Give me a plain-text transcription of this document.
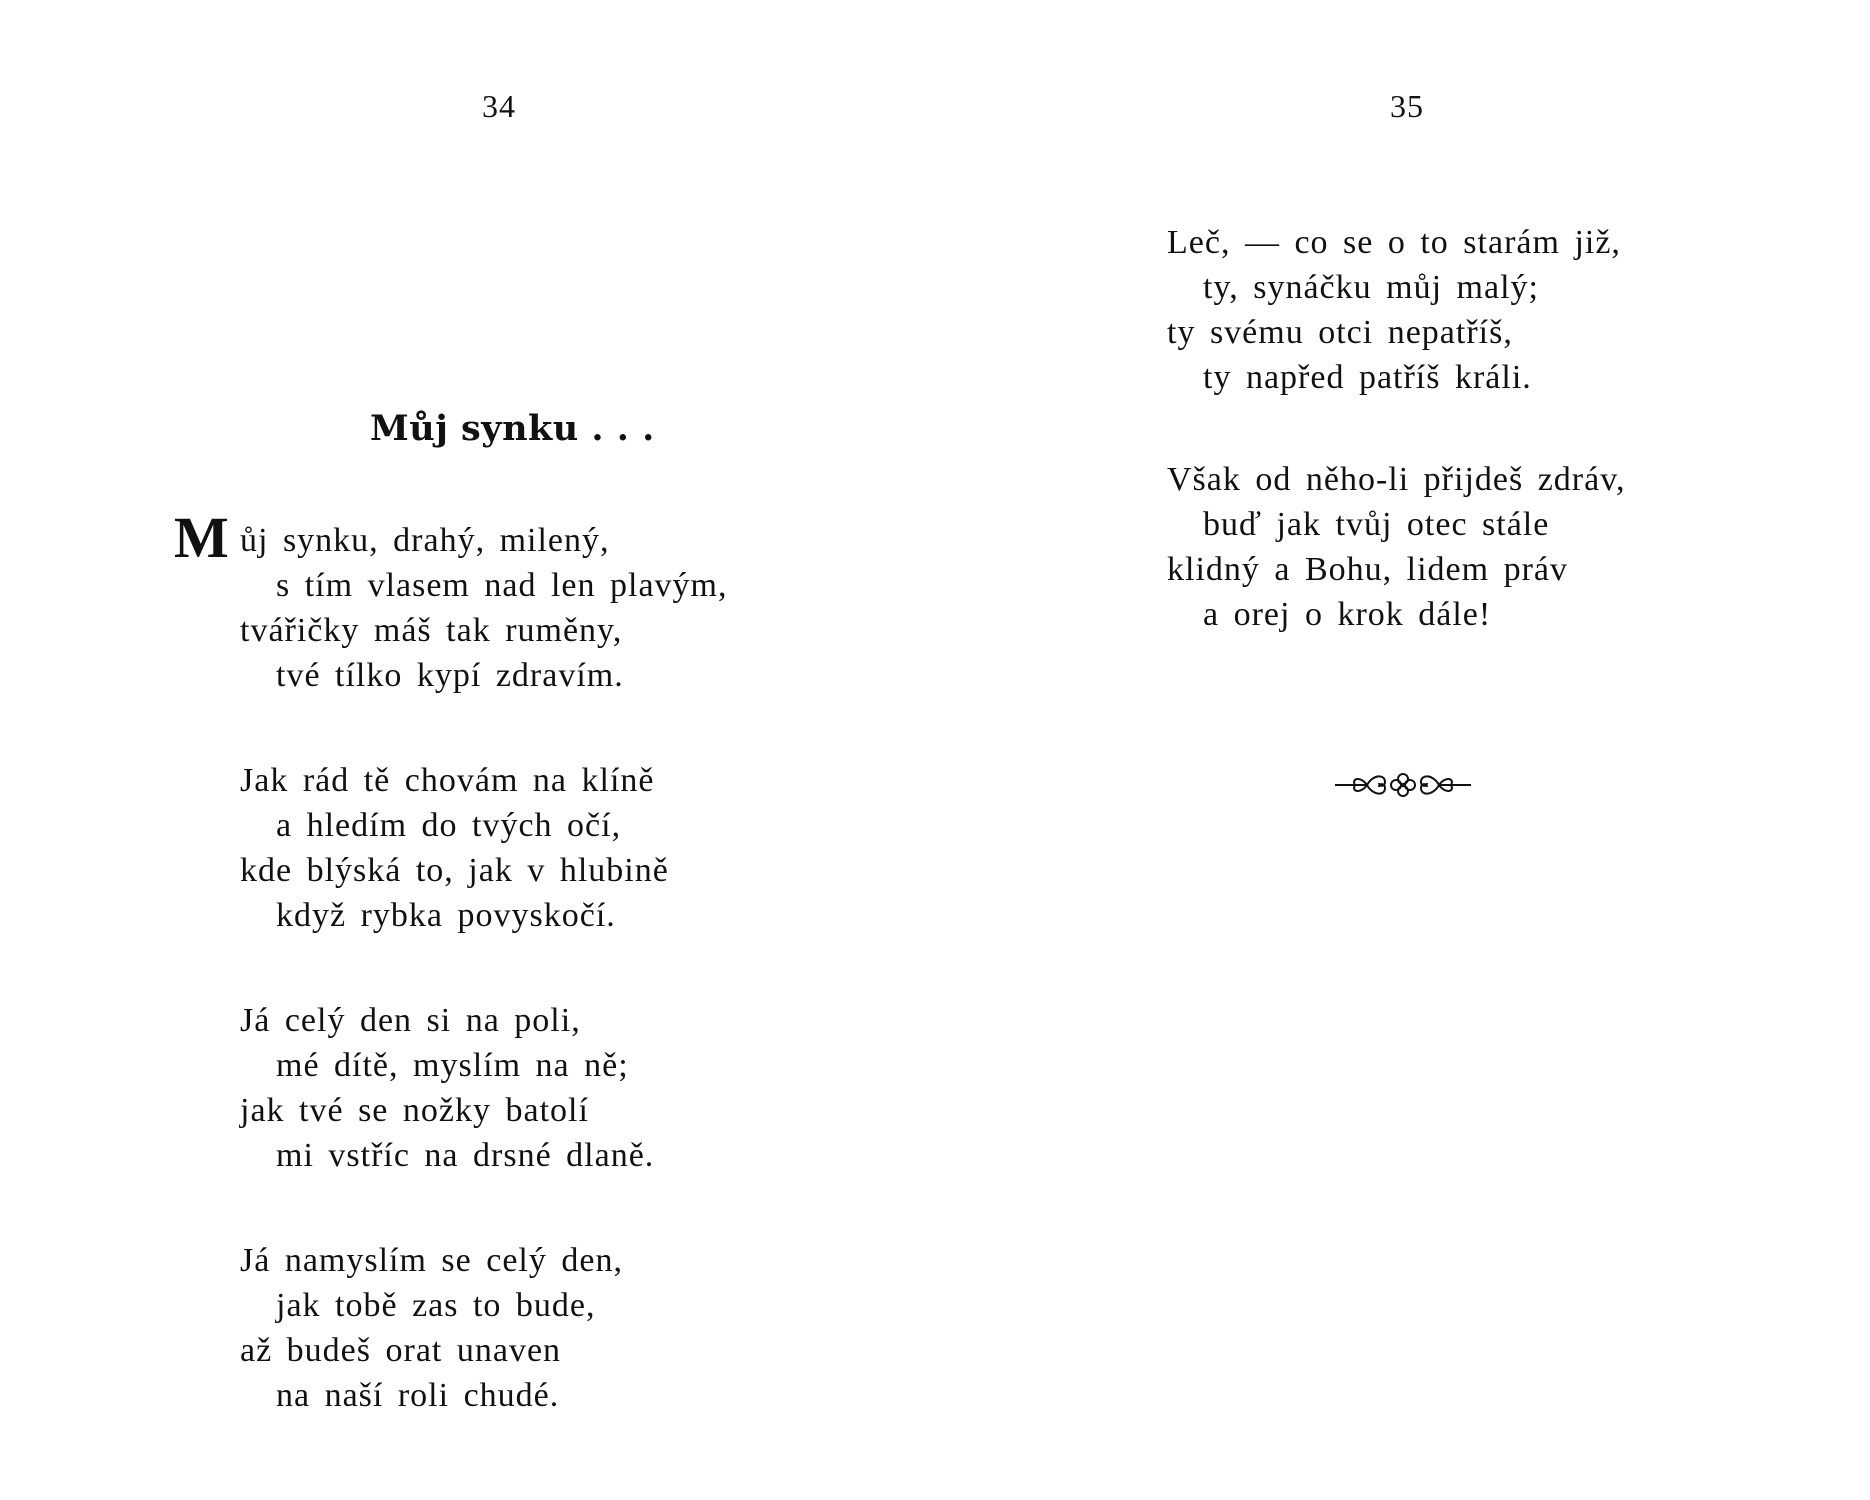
34
Můj synku . . .
M ůj synku, drahý, milený,
s tím vlasem nad len plavým,
tvářičky máš tak ruměny,
tvé tílko kypí zdravím.
Jak rád tě chovám na klíně
a hledím do tvých očí,
kde blýská to, jak v hlubině
když rybka povyskočí.
Já celý den si na poli,
mé dítě, myslím na ně;
jak tvé se nožky batolí
mi vstříc na drsné dlaně.
Já namyslím se celý den,
jak tobě zas to bude,
až budeš orat unaven
na naší roli chudé.
35
Leč, — co se o to starám již,
ty, synáčku můj malý;
ty svému otci nepatříš,
ty napřed patříš králi.
Však od něho-li přijdeš zdráv,
buď jak tvůj otec stále
klidný a Bohu, lidem práv
a orej o krok dále!
